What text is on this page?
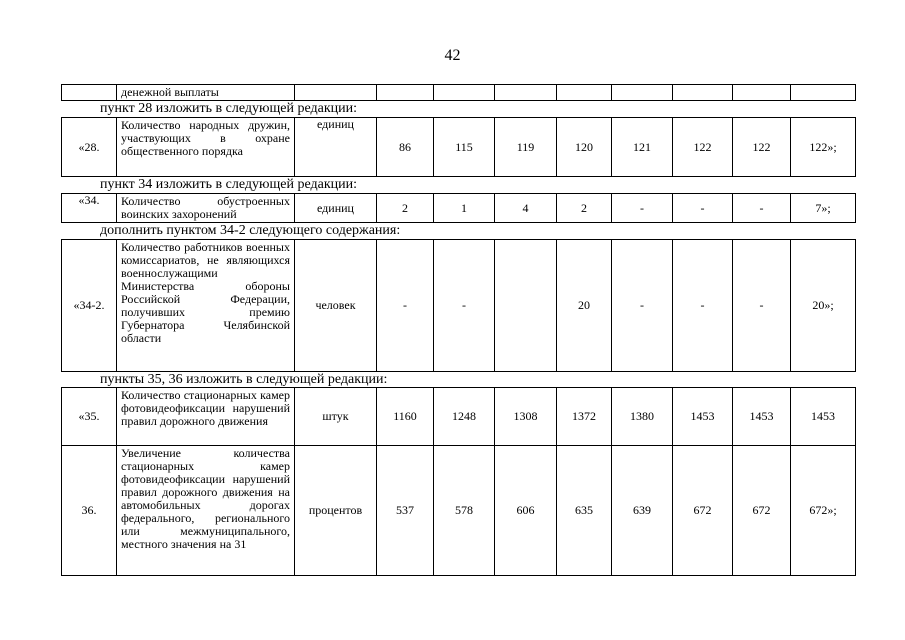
42
	денежной выплаты									
пункт 28 изложить в следующей редакции:
«28.	Количество народных дружин, участвующих в охране общественного порядка	единиц	86	115	119	120	121	122	122	122»;
пункт 34 изложить в следующей редакции:
«34.	Количество обустроенных воинских захоронений	единиц	2	1	4	2	-	-	-	7»;
дополнить пунктом 34-2 следующего содержания:
«34-2.	Количество работников военных комиссариатов, не являющихся военнослужащими Министерства обороны Российской Федерации, получивших премию Губернатора Челябинской области	человек	-	-		20	-	-	-	20»;
пункты 35, 36 изложить в следующей редакции:
«35.	Количество стационарных камер фотовидеофиксации нарушений правил дорожного движения	штук	1160	1248	1308	1372	1380	1453	1453	1453
36.	Увеличение количества стационарных камер фотовидеофиксации нарушений правил дорожного движения на автомобильных дорогах федерального, регионального или межмуниципального, местного значения на 31	процентов	537	578	606	635	639	672	672	672»;
